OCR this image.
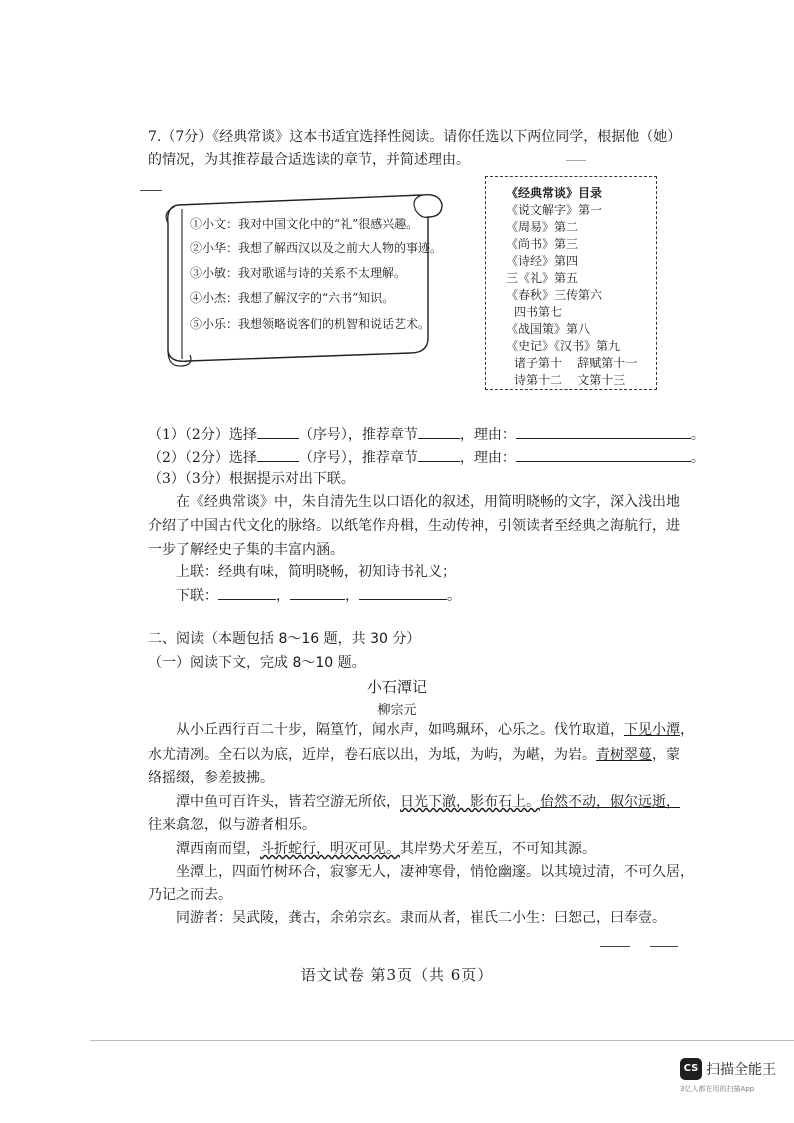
7.（7分）《经典常谈》这本书适宜选择性阅读。请你任选以下两位同学，根据他（她）
的情况，为其推荐最合适选读的章节，并简述理由。
①小文：我对中国文化中的“礼”很感兴趣。
②小华：我想了解西汉以及之前大人物的事迹。
③小敏：我对歌谣与诗的关系不太理解。
④小杰：我想了解汉字的“六书”知识。
⑤小乐：我想领略说客们的机智和说话艺术。
《经典常谈》目录
《说文解字》第一
《周易》第二
《尚书》第三
《诗经》第四
三《礼》第五
《春秋》三传第六
四书第七
《战国策》第八
《史记》《汉书》第九
诸子第十    辞赋第十一
诗第十二    文第十三
（1）（2分）选择	（序号），推荐章节	，理由：	。
（2）（2分）选择	（序号），推荐章节	，理由：	。
（3）（3分）根据提示对出下联。
在《经典常谈》中，朱自清先生以口语化的叙述，用简明晓畅的文字，深入浅出地
介绍了中国古代文化的脉络。以纸笔作舟楫，生动传神，引领读者至经典之海航行，进
一步了解经史子集的丰富内涵。
上联：经典有味，简明晓畅，初知诗书礼义；
下联：	，	，	。
二、阅读（本题包括 8～16 题，共 30 分）
（一）阅读下文，完成 8～10 题。
小石潭记
柳宗元
从小丘西行百二十步，隔篁竹，闻水声，如鸣珮环，心乐之。伐竹取道，下见小潭，
水尤清冽。全石以为底，近岸，卷石底以出，为坻，为屿，为嵁，为岩。青树翠蔓，蒙
络摇缀，参差披拂。
潭中鱼可百许头，皆若空游无所依，日光下澈，影布石上。佁然不动，俶尔远逝，
往来翕忽，似与游者相乐。
潭西南而望，斗折蛇行，明灭可见。其岸势犬牙差互，不可知其源。
坐潭上，四面竹树环合，寂寥无人，凄神寒骨，悄怆幽邃。以其境过清，不可久居，
乃记之而去。
同游者：吴武陵，龚古，余弟宗玄。隶而从者，崔氏二小生：曰恕己，曰奉壹。
语文试卷 第3页（共 6页）
CS 扫描全能王
3亿人都在用的扫描App
